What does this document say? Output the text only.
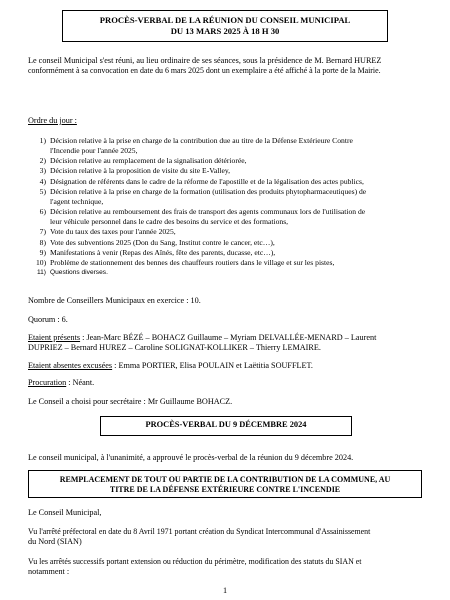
PROCÈS-VERBAL DE LA RÉUNION DU CONSEIL MUNICIPAL
DU 13 MARS 2025 À 18 H 30
Le conseil Municipal s'est réuni, au lieu ordinaire de ses séances, sous la présidence de M. Bernard HUREZ
conformément à sa convocation en date du 6 mars 2025 dont un exemplaire a été affiché à la porte de la Mairie.
Ordre du jour :
1) Décision relative à la prise en charge de la contribution due au titre de la Défense Extérieure Contre
l'Incendie pour l'année 2025,
2) Décision relative au remplacement de la signalisation détériorée,
3) Décision relative à la proposition de visite du site E-Valley,
4) Désignation de référents dans le cadre de la réforme de l'apostille et de la légalisation des actes publics,
5) Décision relative à la prise en charge de la formation (utilisation des produits phytopharmaceutiques) de
l'agent technique,
6) Décision relative au remboursement des frais de transport des agents communaux lors de l'utilisation de
leur véhicule personnel dans le cadre des besoins du service et des formations,
7) Vote du taux des taxes pour l'année 2025,
8) Vote des subventions 2025 (Don du Sang, Institut contre le cancer, etc…),
9) Manifestations à venir (Repas des Aînés, fête des parents, ducasse, etc…),
10) Problème de stationnement des bennes des chauffeurs routiers dans le village et sur les pistes,
11) Questions diverses.
Nombre de Conseillers Municipaux en exercice : 10.
Quorum : 6.
Etaient présents : Jean-Marc BÉZÉ – BOHACZ Guillaume – Myriam DELVALLÉE-MENARD – Laurent
DUPRIEZ – Bernard HUREZ – Caroline SOLIGNAT-KOLLIKER – Thierry LEMAIRE.
Etaient absentes excusées : Emma PORTIER, Elisa POULAIN et Laëtitia SOUFFLET.
Procuration : Néant.
Le Conseil a choisi pour secrétaire : Mr Guillaume BOHACZ.
PROCÈS-VERBAL DU 9 DÉCEMBRE 2024
Le conseil municipal, à l'unanimité, a approuvé le procès-verbal de la réunion du 9 décembre 2024.
REMPLACEMENT DE TOUT OU PARTIE DE LA CONTRIBUTION DE LA COMMUNE, AU
TITRE DE LA DÉFENSE EXTÉRIEURE CONTRE L'INCENDIE
Le Conseil Municipal,
Vu l'arrêté préfectoral en date du 8 Avril 1971 portant création du Syndicat Intercommunal d'Assainissement
du Nord (SIAN)
Vu les arrêtés successifs portant extension ou réduction du périmètre, modification des statuts du SIAN et
notamment :
1
